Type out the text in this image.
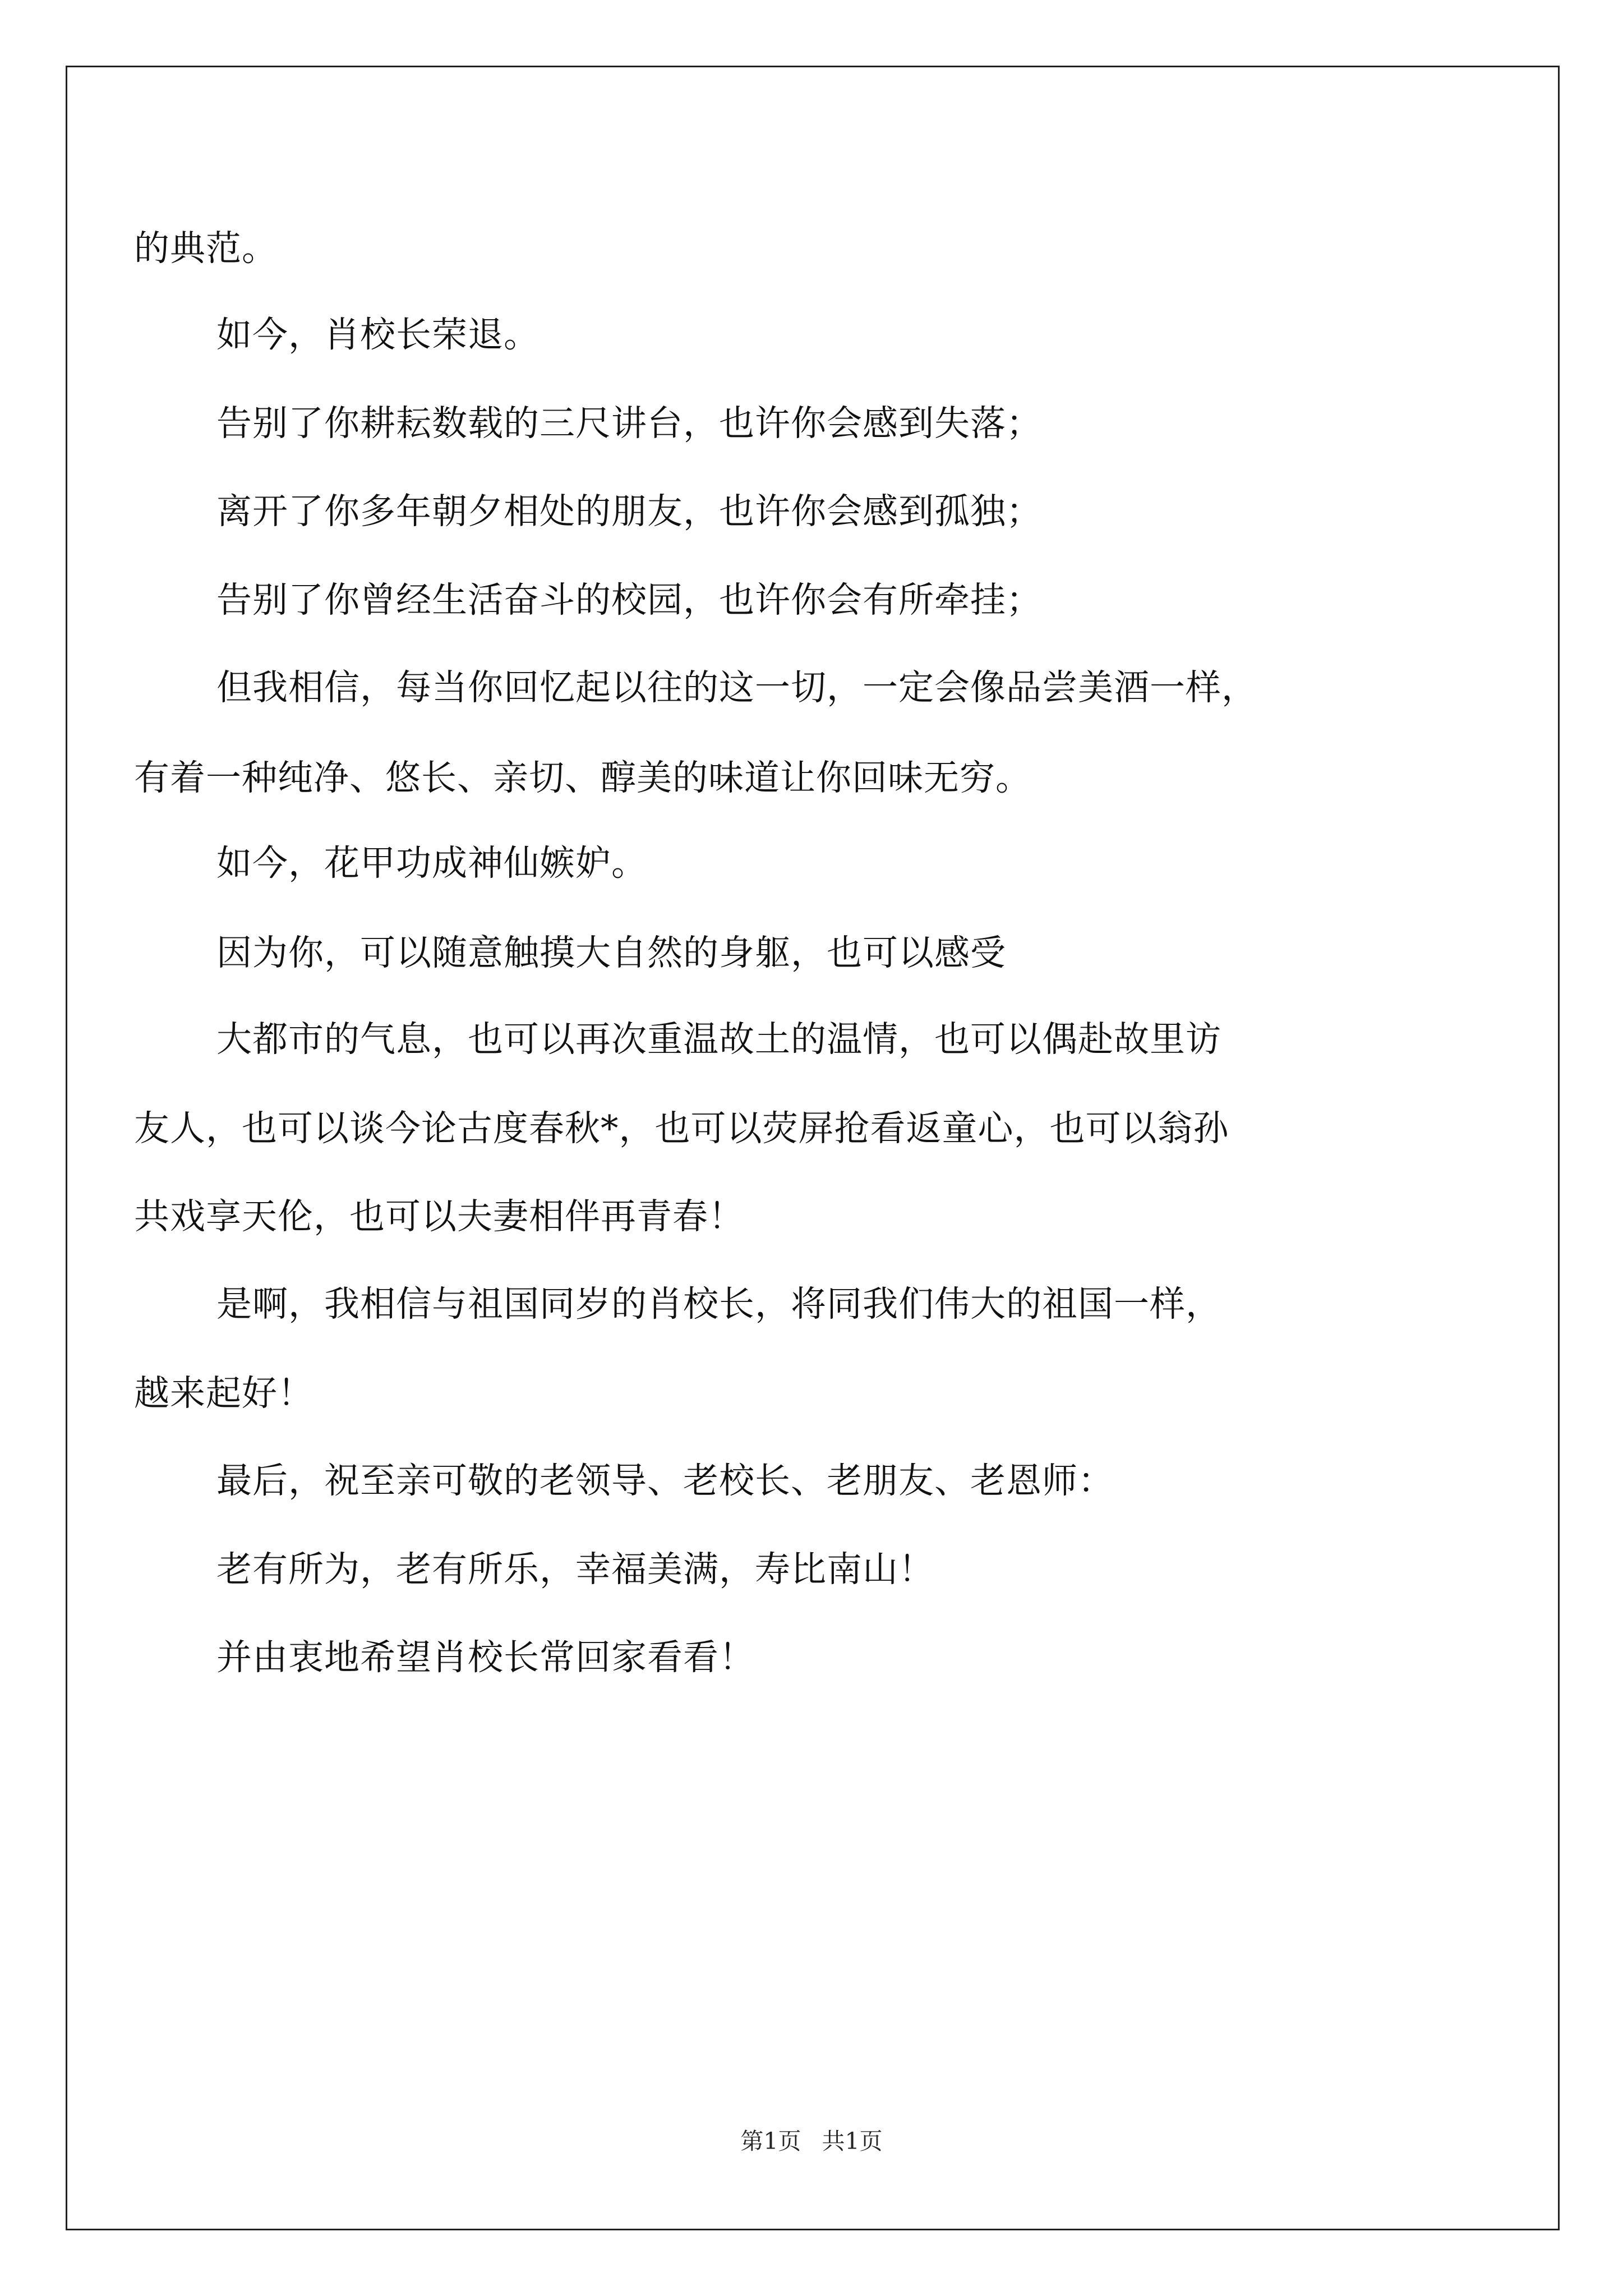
的典范。
如今，肖校长荣退。
告别了你耕耘数载的三尺讲台，也许你会感到失落；
离开了你多年朝夕相处的朋友，也许你会感到孤独；
告别了你曾经生活奋斗的校园，也许你会有所牵挂；
但我相信，每当你回忆起以往的这一切，一定会像品尝美酒一样，
有着一种纯净、悠长、亲切、醇美的味道让你回味无穷。
如今，花甲功成神仙嫉妒。
因为你，可以随意触摸大自然的身躯，也可以感受
大都市的气息，也可以再次重温故土的温情，也可以偶赴故里访
友人，也可以谈今论古度春秋*，也可以荧屏抢看返童心，也可以翁孙
共戏享天伦，也可以夫妻相伴再青春！
是啊，我相信与祖国同岁的肖校长，将同我们伟大的祖国一样，
越来起好！
最后，祝至亲可敬的老领导、老校长、老朋友、老恩师：
老有所为，老有所乐，幸福美满，寿比南山！
并由衷地希望肖校长常回家看看！
第1页 共1页
